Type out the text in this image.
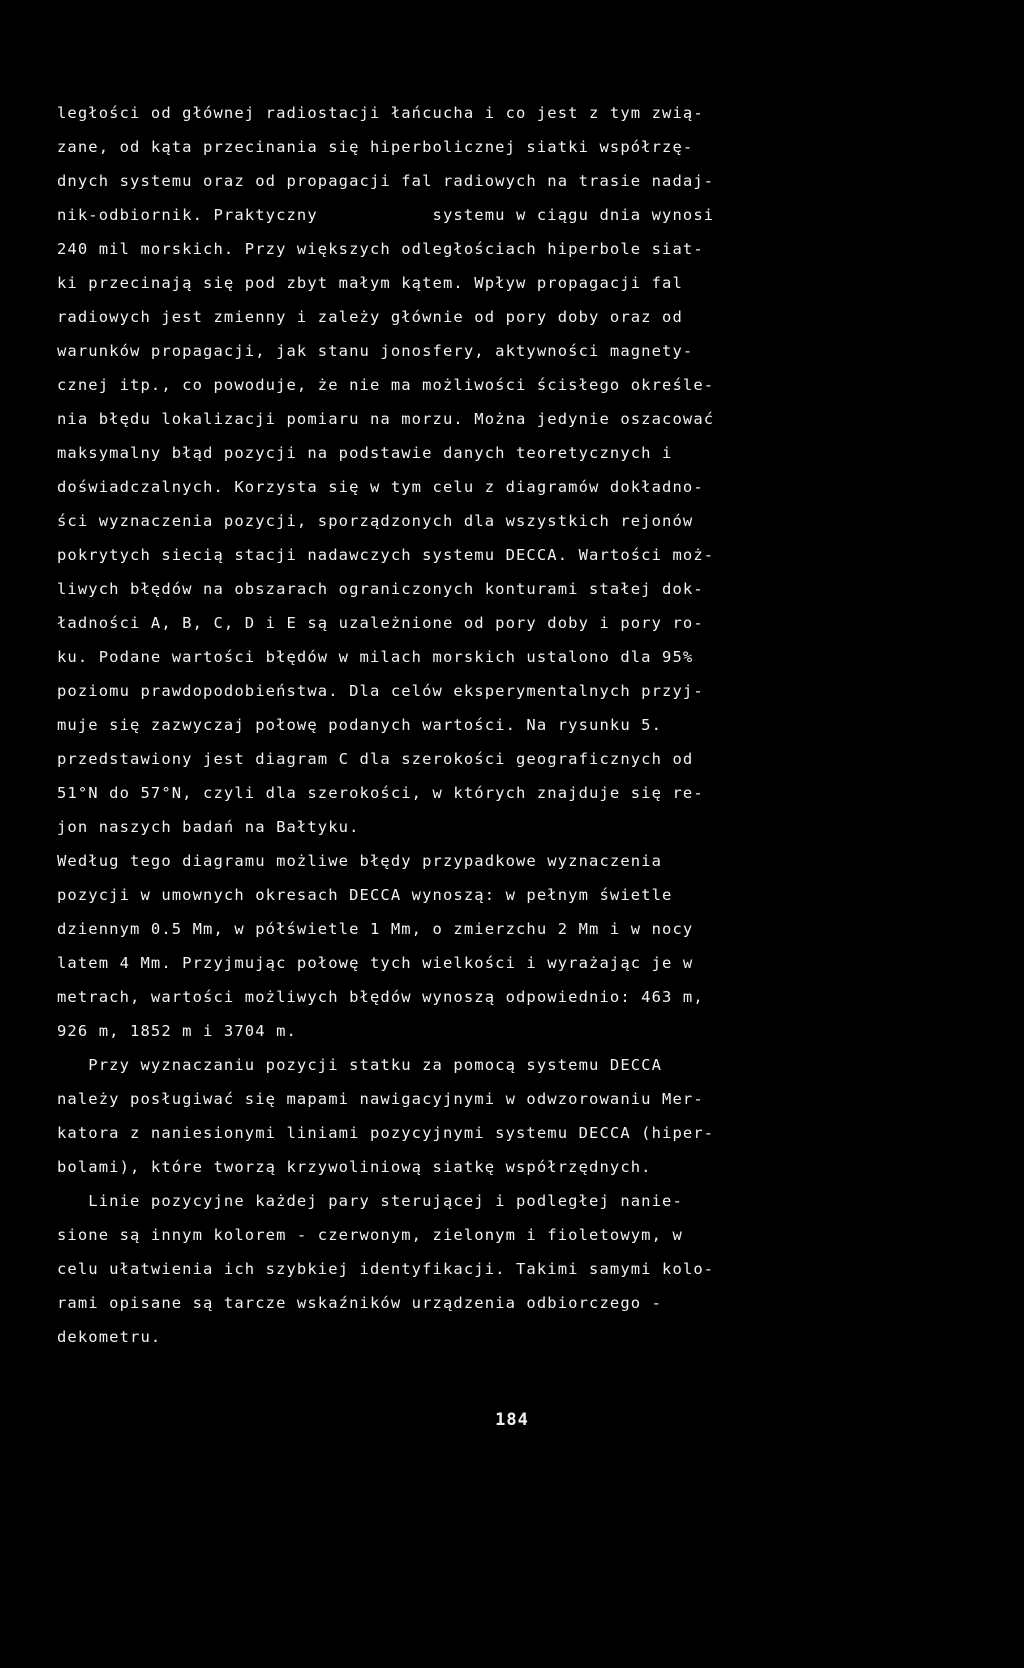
ległości od głównej radiostacji łańcucha i co jest z tym zwią-
zane, od kąta przecinania się hiperbolicznej siatki współrzę-
dnych systemu oraz od propagacji fal radiowych na trasie nadaj-
nik-odbiornik. Praktyczny           systemu w ciągu dnia wynosi
240 mil morskich. Przy większych odległościach hiperbole siat-
ki przecinają się pod zbyt małym kątem. Wpływ propagacji fal
radiowych jest zmienny i zależy głównie od pory doby oraz od
warunków propagacji, jak stanu jonosfery, aktywności magnety-
cznej itp., co powoduje, że nie ma możliwości ścisłego określe-
nia błędu lokalizacji pomiaru na morzu. Można jedynie oszacować
maksymalny błąd pozycji na podstawie danych teoretycznych i
doświadczalnych. Korzysta się w tym celu z diagramów dokładno-
ści wyznaczenia pozycji, sporządzonych dla wszystkich rejonów
pokrytych siecią stacji nadawczych systemu DECCA. Wartości moż-
liwych błędów na obszarach ograniczonych konturami stałej dok-
ładności A, B, C, D i E są uzależnione od pory doby i pory ro-
ku. Podane wartości błędów w milach morskich ustalono dla 95%
poziomu prawdopodobieństwa. Dla celów eksperymentalnych przyj-
muje się zazwyczaj połowę podanych wartości. Na rysunku 5.
przedstawiony jest diagram C dla szerokości geograficznych od
51°N do 57°N, czyli dla szerokości, w których znajduje się re-
jon naszych badań na Bałtyku.
Według tego diagramu możliwe błędy przypadkowe wyznaczenia
pozycji w umownych okresach DECCA wynoszą: w pełnym świetle
dziennym 0.5 Mm, w półświetle 1 Mm, o zmierzchu 2 Mm i w nocy
latem 4 Mm. Przyjmując połowę tych wielkości i wyrażając je w
metrach, wartości możliwych błędów wynoszą odpowiednio: 463 m,
926 m, 1852 m i 3704 m.
Przy wyznaczaniu pozycji statku za pomocą systemu DECCA
należy posługiwać się mapami nawigacyjnymi w odwzorowaniu Mer-
katora z naniesionymi liniami pozycyjnymi systemu DECCA (hiper-
bolami), które tworzą krzywoliniową siatkę współrzędnych.
Linie pozycyjne każdej pary sterującej i podległej nanie-
sione są innym kolorem - czerwonym, zielonym i fioletowym, w
celu ułatwienia ich szybkiej identyfikacji. Takimi samymi kolo-
rami opisane są tarcze wskaźników urządzenia odbiorczego -
dekometru.
184
